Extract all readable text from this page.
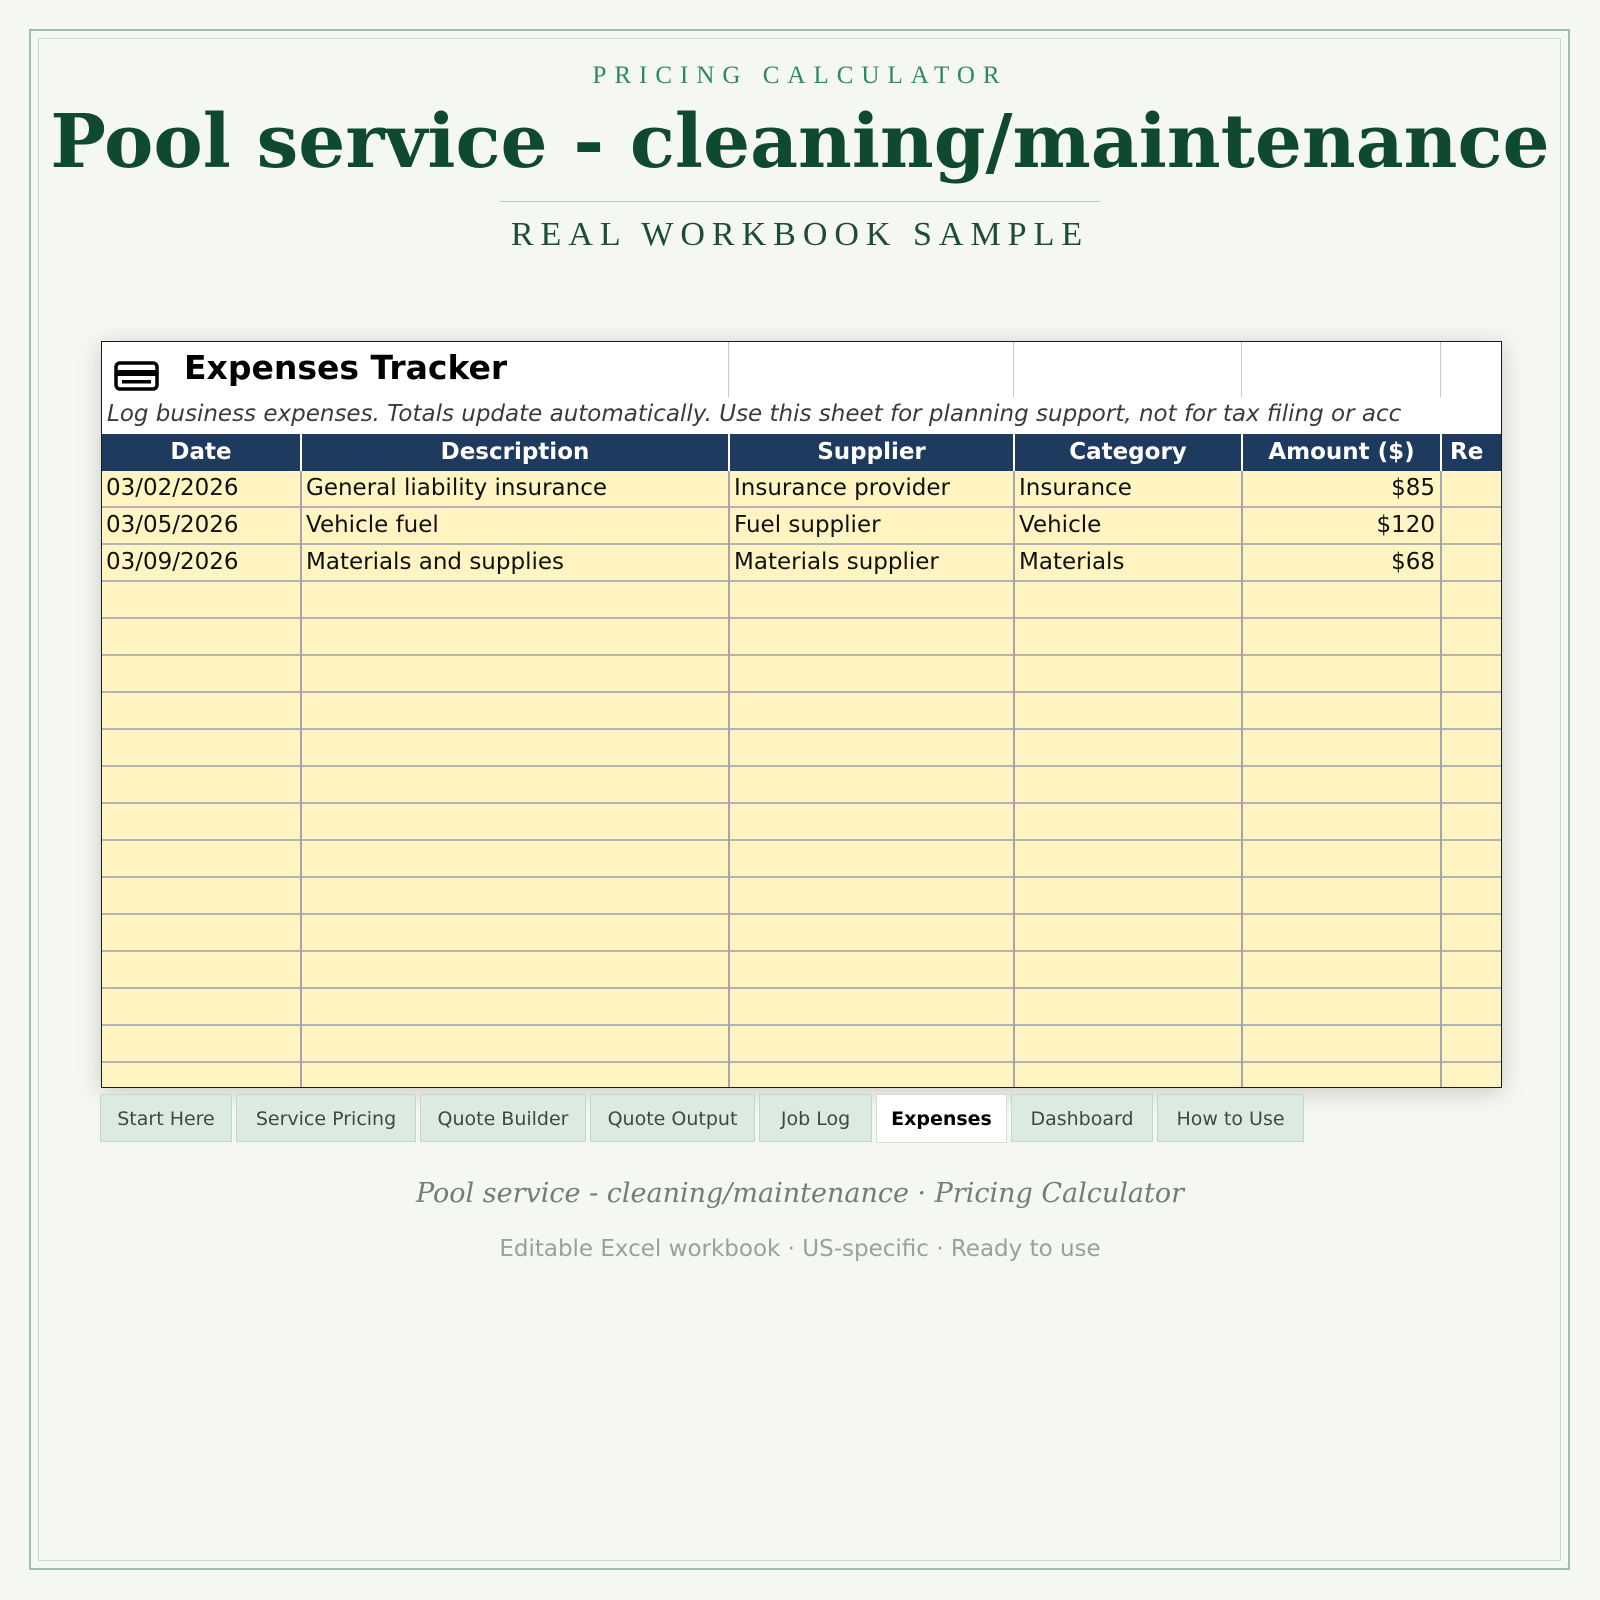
PRICING CALCULATOR
Pool service - cleaning/maintenance
REAL WORKBOOK SAMPLE
Expenses Tracker
Log business expenses. Totals update automatically. Use this sheet for planning support, not for tax filing or acc
Date	Description	Supplier	Category	Amount ($)	Re
03/02/2026	General liability insurance	Insurance provider	Insurance	$85
03/05/2026	Vehicle fuel	Fuel supplier	Vehicle	$120
03/09/2026	Materials and supplies	Materials supplier	Materials	$68
Start Here	Service Pricing	Quote Builder	Quote Output	Job Log	Expenses	Dashboard	How to Use
Pool service - cleaning/maintenance · Pricing Calculator
Editable Excel workbook · US-specific · Ready to use
